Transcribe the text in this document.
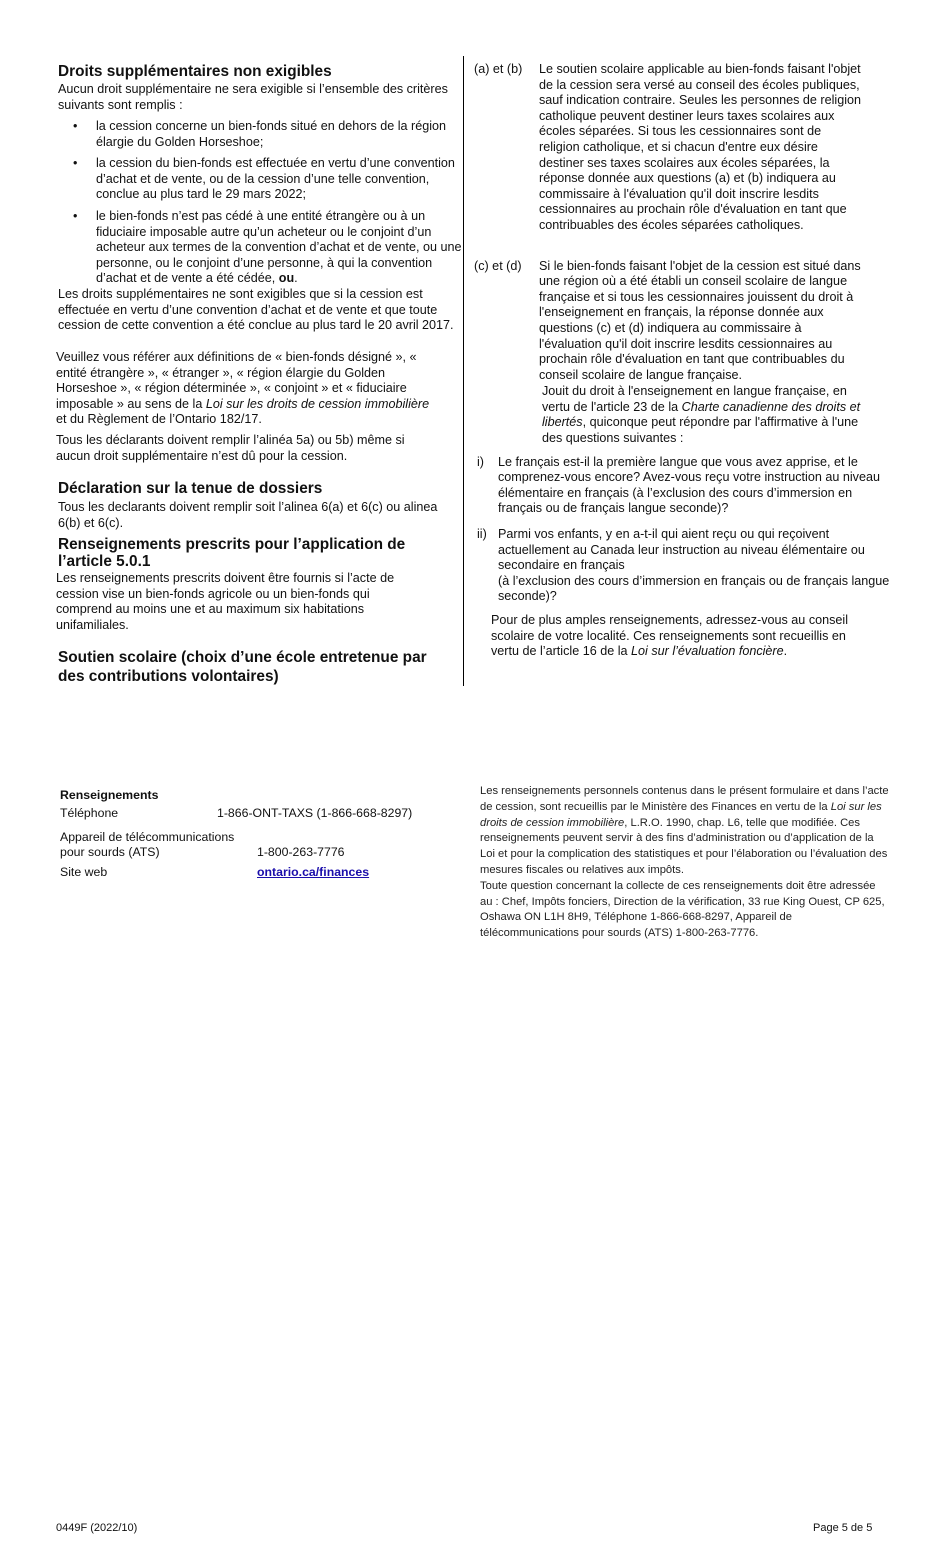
Droits supplémentaires non exigibles

Aucun droit supplémentaire ne sera exigible si l’ensemble des critères suivants sont remplis :

• la cession concerne un bien-fonds situé en dehors de la région élargie du Golden Horseshoe;
• la cession du bien-fonds est effectuée en vertu d’une convention d’achat et de vente, ou de la cession d’une telle convention, conclue au plus tard le 29 mars 2022;
• le bien-fonds n’est pas cédé à une entité étrangère ou à un fiduciaire imposable autre qu’un acheteur ou le conjoint d’un acheteur aux termes de la convention d’achat et de vente, ou une personne, ou le conjoint d’une personne, à qui la convention d’achat et de vente a été cédée, ou.

Les droits supplémentaires ne sont exigibles que si la cession est effectuée en vertu d’une convention d’achat et de vente et que toute cession de cette convention a été conclue au plus tard le 20 avril 2017.

Veuillez vous référer aux définitions de « bien-fonds désigné », « entité étrangère », « étranger », « région élargie du Golden Horseshoe », « région déterminée », « conjoint » et « fiduciaire imposable » au sens de la Loi sur les droits de cession immobilière et du Règlement de l’Ontario 182/17.

Tous les déclarants doivent remplir l’alinéa 5a) ou 5b) même si aucun droit supplémentaire n’est dû pour la cession.

Déclaration sur la tenue de dossiers

Tous les declarants doivent remplir soit l’alinea 6(a) et 6(c) ou alinea 6(b) et 6(c).

Renseignements prescrits pour l’application de l’article 5.0.1

Les renseignements prescrits doivent être fournis si l’acte de cession vise un bien-fonds agricole ou un bien-fonds qui comprend au moins une et au maximum six habitations unifamiliales.

Soutien scolaire (choix d’une école entretenue par des contributions volontaires)
(a) et (b) Le soutien scolaire applicable au bien-fonds faisant l'objet de la cession sera versé au conseil des écoles publiques, sauf indication contraire. Seules les personnes de religion catholique peuvent destiner leurs taxes scolaires aux écoles séparées. Si tous les cessionnaires sont de religion catholique, et si chacun d'entre eux désire destiner ses taxes scolaires aux écoles séparées, la réponse donnée aux questions (a) et (b) indiquera au commissaire à l'évaluation qu'il doit inscrire lesdits cessionnaires au prochain rôle d'évaluation en tant que contribuables des écoles séparées catholiques.

(c) et (d) Si le bien-fonds faisant l'objet de la cession est situé dans une région où a été établi un conseil scolaire de langue française et si tous les cessionnaires jouissent du droit à l'enseignement en français, la réponse donnée aux questions (c) et (d) indiquera au commissaire à l'évaluation qu'il doit inscrire lesdits cessionnaires au prochain rôle d'évaluation en tant que contribuables du conseil scolaire de langue française.

Jouit du droit à l'enseignement en langue française, en vertu de l'article 23 de la Charte canadienne des droits et libertés, quiconque peut répondre par l'affirmative à l'une des questions suivantes :

i) Le français est-il la première langue que vous avez apprise, et le comprenez-vous encore? Avez-vous reçu votre instruction au niveau élémentaire en français (à l’exclusion des cours d’immersion en français ou de français langue seconde)?

ii) Parmi vos enfants, y en a-t-il qui aient reçu ou qui reçoivent actuellement au Canada leur instruction au niveau élémentaire ou secondaire en français

(à l’exclusion des cours d’immersion en français ou de français langue seconde)?

Pour de plus amples renseignements, adressez-vous au conseil scolaire de votre localité. Ces renseignements sont recueillis en vertu de l’article 16 de la Loi sur l’évaluation foncière.

Renseignements
Téléphone	1-866-ONT-TAXS (1-866-668-8297)
Appareil de télécommunications pour sourds (ATS)	1-800-263-7776
Site web	ontario.ca/finances

Les renseignements personnels contenus dans le présent formulaire et dans l’acte de cession, sont recueillis par le Ministère des Finances en vertu de la Loi sur les droits de cession immobilière, L.R.O. 1990, chap. L6, telle que modifiée. Ces renseignements peuvent servir à des fins d’administration ou d’application de la Loi et pour la complication des statistiques et pour l’élaboration ou l’évaluation des mesures fiscales ou relatives aux impôts.

Toute question concernant la collecte de ces renseignements doit être adressée au : Chef, Impôts fonciers, Direction de la vérification, 33 rue King Ouest, CP 625, Oshawa ON L1H 8H9, Téléphone 1-866-668-8297, Appareil de télécommunications pour sourds (ATS) 1-800-263-7776.

0449F (2022/10)	Page 5 de 5
